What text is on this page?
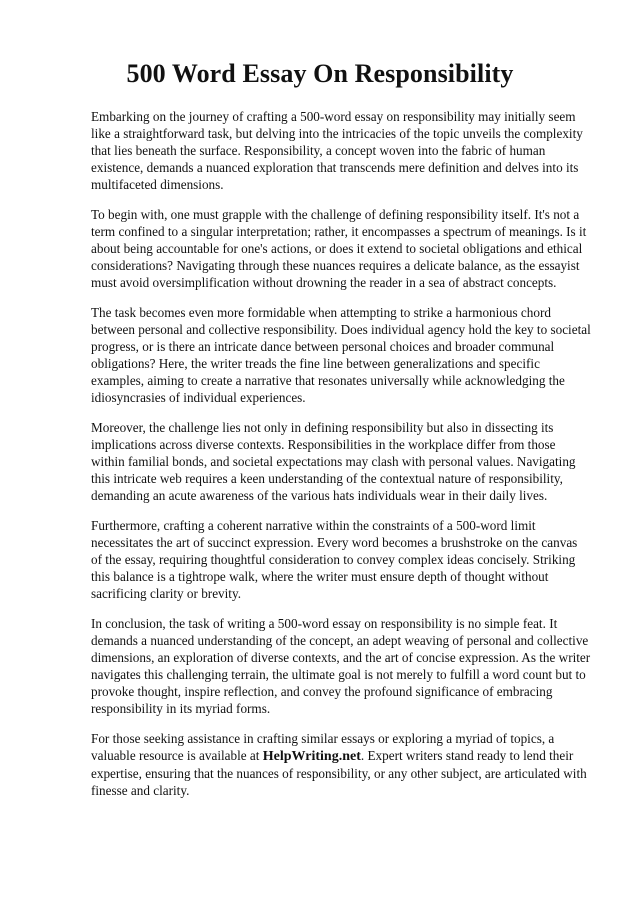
500 Word Essay On Responsibility

Embarking on the journey of crafting a 500-word essay on responsibility may initially seem like a straightforward task, but delving into the intricacies of the topic unveils the complexity that lies beneath the surface. Responsibility, a concept woven into the fabric of human existence, demands a nuanced exploration that transcends mere definition and delves into its multifaceted dimensions.

To begin with, one must grapple with the challenge of defining responsibility itself. It's not a term confined to a singular interpretation; rather, it encompasses a spectrum of meanings. Is it about being accountable for one's actions, or does it extend to societal obligations and ethical considerations? Navigating through these nuances requires a delicate balance, as the essayist must avoid oversimplification without drowning the reader in a sea of abstract concepts.

The task becomes even more formidable when attempting to strike a harmonious chord between personal and collective responsibility. Does individual agency hold the key to societal progress, or is there an intricate dance between personal choices and broader communal obligations? Here, the writer treads the fine line between generalizations and specific examples, aiming to create a narrative that resonates universally while acknowledging the idiosyncrasies of individual experiences.

Moreover, the challenge lies not only in defining responsibility but also in dissecting its implications across diverse contexts. Responsibilities in the workplace differ from those within familial bonds, and societal expectations may clash with personal values. Navigating this intricate web requires a keen understanding of the contextual nature of responsibility, demanding an acute awareness of the various hats individuals wear in their daily lives.

Furthermore, crafting a coherent narrative within the constraints of a 500-word limit necessitates the art of succinct expression. Every word becomes a brushstroke on the canvas of the essay, requiring thoughtful consideration to convey complex ideas concisely. Striking this balance is a tightrope walk, where the writer must ensure depth of thought without sacrificing clarity or brevity.

In conclusion, the task of writing a 500-word essay on responsibility is no simple feat. It demands a nuanced understanding of the concept, an adept weaving of personal and collective dimensions, an exploration of diverse contexts, and the art of concise expression. As the writer navigates this challenging terrain, the ultimate goal is not merely to fulfill a word count but to provoke thought, inspire reflection, and convey the profound significance of embracing responsibility in its myriad forms.

For those seeking assistance in crafting similar essays or exploring a myriad of topics, a valuable resource is available at HelpWriting.net. Expert writers stand ready to lend their expertise, ensuring that the nuances of responsibility, or any other subject, are articulated with finesse and clarity.
